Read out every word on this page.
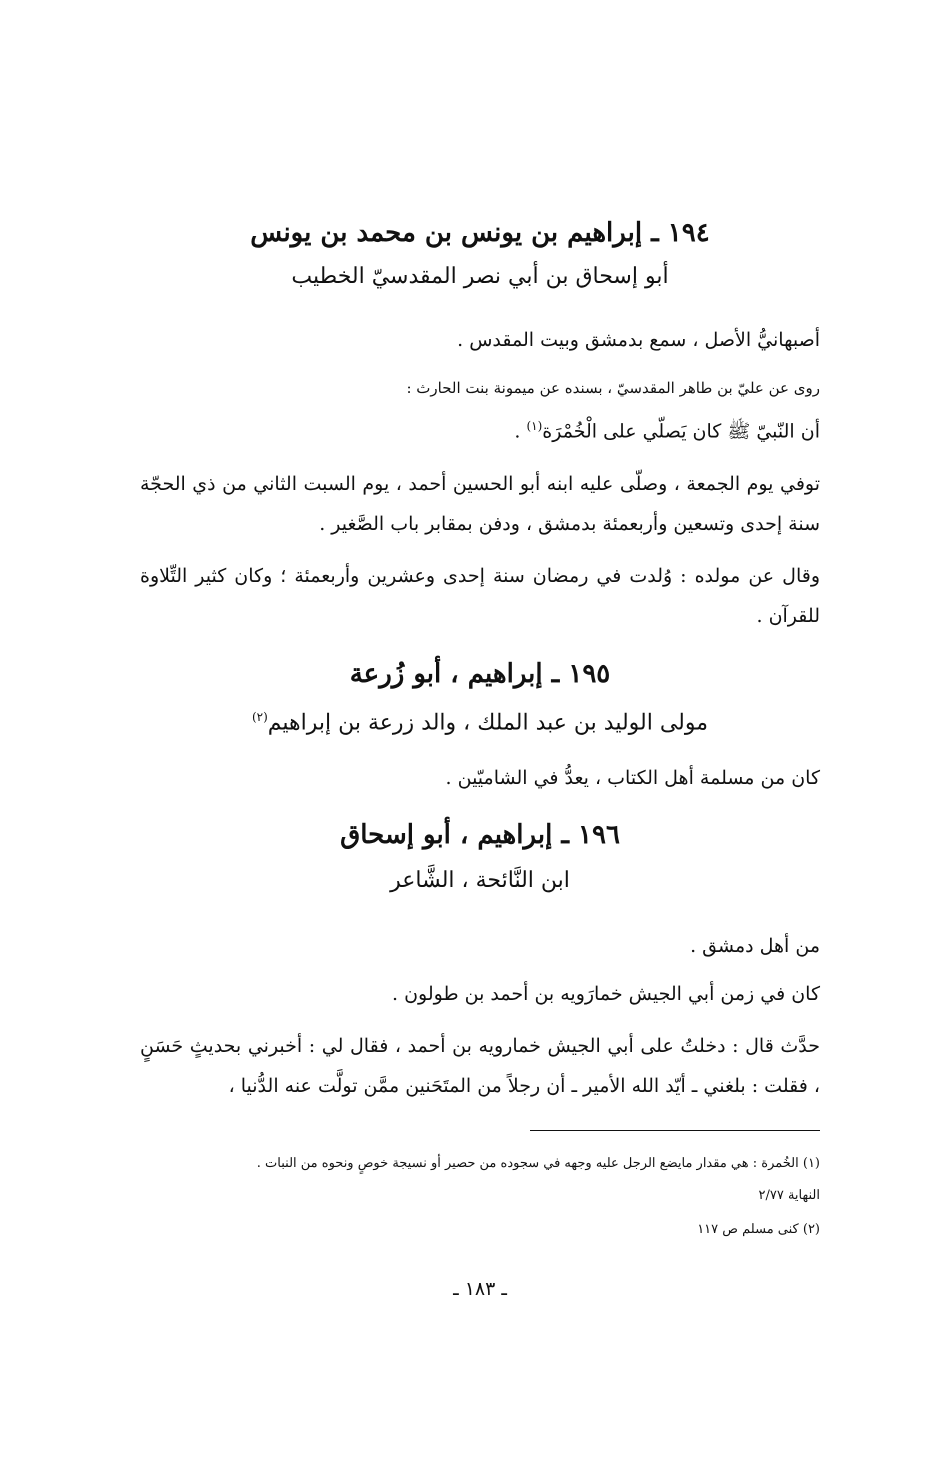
١٩٤ ـ إبراهيم بن يونس بن محمد بن يونس
أبو إسحاق بن أبي نصر المقدسيّ الخطيب
أصبهانيُّ الأصل ، سمع بدمشق وبيت المقدس .
روى عن عليّ بن طاهر المقدسيّ ، بسنده عن ميمونة بنت الحارث :
أن النّبيّ ﷺ كان يَصلّي على الْخُمْرَة$^{(١)}$ .
توفي يوم الجمعة ، وصلّى عليه ابنه أبو الحسين أحمد ، يوم السبت الثاني من ذي الحجّة سنة إحدى وتسعين وأربعمئة بدمشق ، ودفن بمقابر باب الصَّغير .
وقال عن مولده : وُلدت في رمضان سنة إحدى وعشرين وأربعمئة ؛ وكان كثير التِّلاوة للقرآن .
١٩٥ ـ إبراهيم ، أبو زُرعة
مولى الوليد بن عبد الملك ، والد زرعة بن إبراهيم$^{(٢)}$
كان من مسلمة أهل الكتاب ، يعدُّ في الشاميّين .
١٩٦ ـ إبراهيم ، أبو إسحاق
ابن النَّائحة ، الشَّاعر
من أهل دمشق .
كان في زمن أبي الجيش خمارَويه بن أحمد بن طولون .
حدَّث قال : دخلتُ على أبي الجيش خمارويه بن أحمد ، فقال لي : أخبرني بحديثٍ حَسَنٍ ، فقلت : بلغني ـ أيّد الله الأمير ـ أن رجلاً من المتَحَنين ممَّن تولَّت عنه الدُّنيا ،
(١) الخُمرة : هي مقدار مايضع الرجل عليه وجهه في سجوده من حصير أو نسيجة خوصٍ ونحوه من النبات .
النهاية ٢/٧٧
(٢) كنى مسلم ص ١١٧
ـ ١٨٣ ـ
